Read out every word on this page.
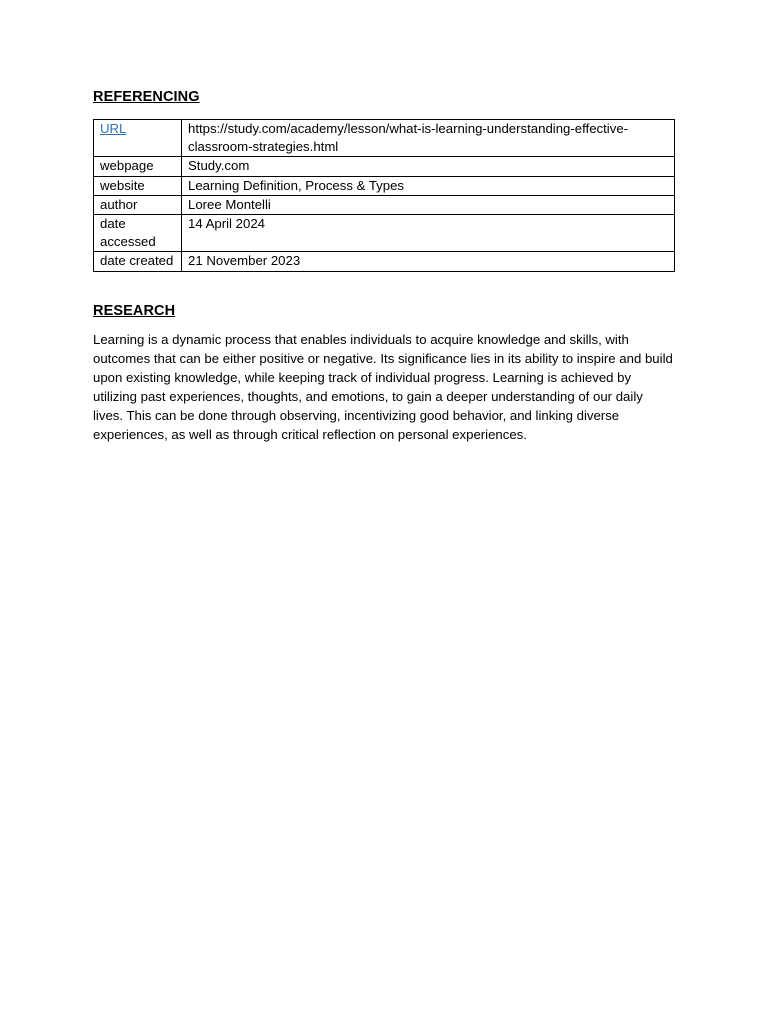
REFERENCING
URL	https://study.com/academy/lesson/what-is-learning-understanding-effective-classroom-strategies.html
webpage	Study.com
website	Learning Definition, Process & Types
author	Loree Montelli
date accessed	14 April 2024
date created	21 November 2023
RESEARCH

Learning is a dynamic process that enables individuals to acquire knowledge and skills, with outcomes that can be either positive or negative. Its significance lies in its ability to inspire and build upon existing knowledge, while keeping track of individual progress. Learning is achieved by utilizing past experiences, thoughts, and emotions, to gain a deeper understanding of our daily lives. This can be done through observing, incentivizing good behavior, and linking diverse experiences, as well as through critical reflection on personal experiences.
